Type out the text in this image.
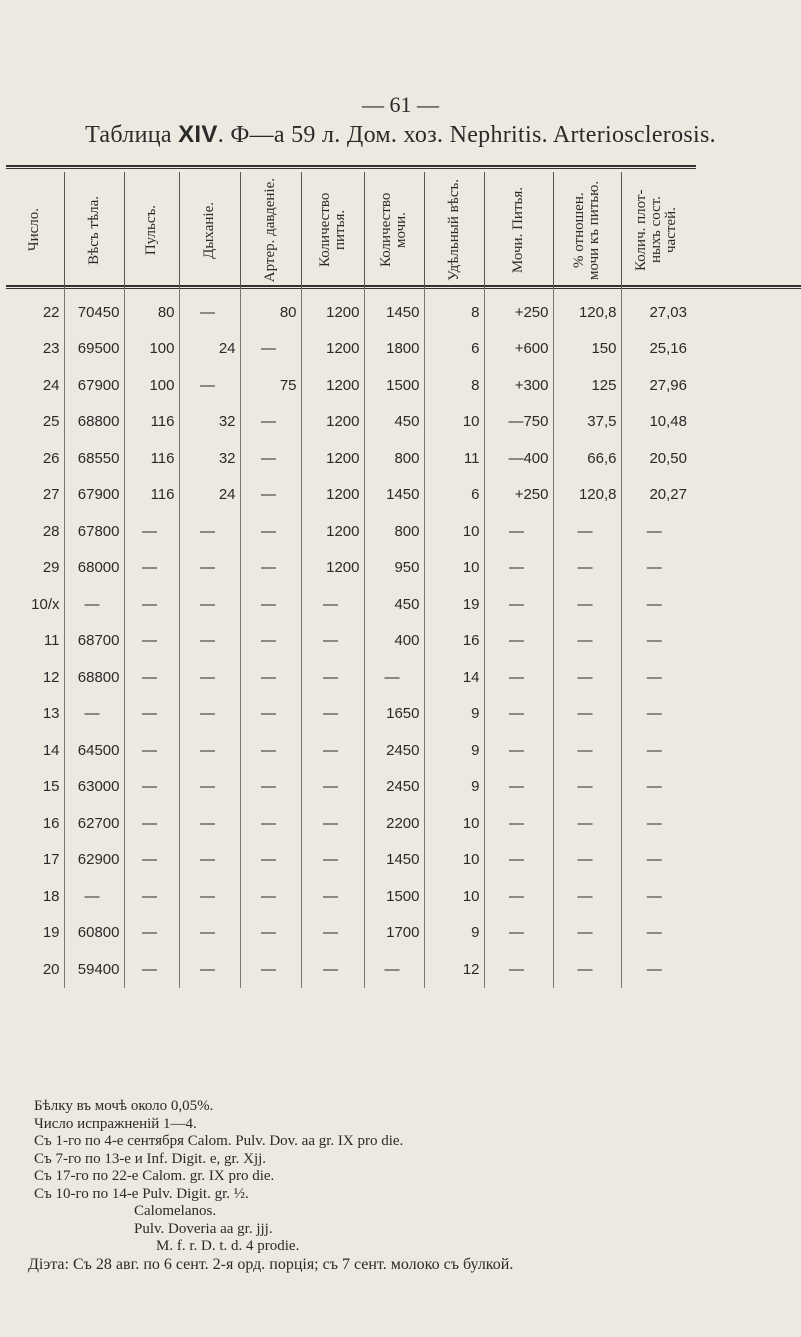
— 61 —
Таблица XIV. Ф—а 59 л. Дом. хоз. Nephritis. Arteriosclerosis.
Число.	Вѣсъ тѣла.	Пульсъ.	Дыханіе.	Артер. давденіе.	Количество питья.	Количество мочи.	Удѣльный вѣсъ.	Мочи. Питья.	% отношен. мочи къ питью.	Колич. плот-ныхъ сост. частей.

22	70450	80	—	80	1200	1450	8	+250	120,8	27,03
23	69500	100	24	—	1200	1800	6	+600	150	25,16
24	67900	100	—	75	1200	1500	8	+300	125	27,96
25	68800	116	32	—	1200	450	10	—750	37,5	10,48
26	68550	116	32	—	1200	800	11	—400	66,6	20,50
27	67900	116	24	—	1200	1450	6	+250	120,8	20,27
28	67800	—	—	—	1200	800	10	—	—	—
29	68000	—	—	—	1200	950	10	—	—	—
10/x	—	—	—	—	—	450	19	—	—	—
11	68700	—	—	—	—	400	16	—	—	—
12	68800	—	—	—	—	—	14	—	—	—
13	—	—	—	—	—	1650	9	—	—	—
14	64500	—	—	—	—	2450	9	—	—	—
15	63000	—	—	—	—	2450	9	—	—	—
16	62700	—	—	—	—	2200	10	—	—	—
17	62900	—	—	—	—	1450	10	—	—	—
18	—	—	—	—	—	1500	10	—	—	—
19	60800	—	—	—	—	1700	9	—	—	—
20	59400	—	—	—	—	—	12	—	—	—
Бѣлку въ мочѣ около 0,05%.
Число испражненій 1—4.
Съ 1-го по 4-е сентября Calom. Pulv. Dov. aa gr. IX pro die.
Съ 7-го по 13-е и Inf. Digit. e, gr. Xjj.
Съ 17-го по 22-е Calom. gr. IX pro die.
Съ 10-го по 14-е Pulv. Digit. gr. ½.
Calomelanos.
Pulv. Doveria aa gr. jjj.
M. f. r. D. t. d. 4 prodie.
Діэта: Съ 28 авг. по 6 сент. 2-я орд. порція; съ 7 сент. молоко съ булкой.
